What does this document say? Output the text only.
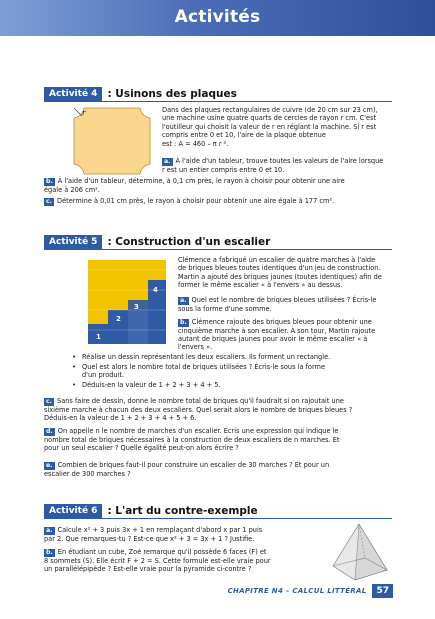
Activités
Activité 4 : Usinons des plaques
r	Dans des plaques rectangulaires de cuivre (de 20 cm sur 23 cm),
une machine usine quatre quarts de cercles de rayon r cm. C'est
l'outilleur qui choisit la valeur de r en réglant la machine. Si r est
compris entre 0 et 10, l'aire de la plaque obtenue
est : A = 460 – π r ².
a. À l'aide d'un tableur, trouve toutes les valeurs de l'aire lorsque
r est un entier compris entre 0 et 10.
b. À l'aide d'un tableur, détermine, à 0,1 cm près, le rayon à choisir pour obtenir une aire
égale à 206 cm².
c. Détermine à 0,01 cm près, le rayon à choisir pour obtenir une aire égale à 177 cm².
Activité 5 : Construction d'un escalier
1
2
3
4
Clémence a fabriqué un escalier de quatre marches à l'aide
de briques bleues toutes identiques d'un jeu de construction.
Martin a ajouté des briques jaunes (toutes identiques) afin de
former le même escalier « à l'envers » au dessus.
a. Quel est le nombre de briques bleues utilisées ? Écris-le
sous la forme d'une somme.
b. Clémence rajoute des briques bleues pour obtenir une
cinquième marche à son escalier. À son tour, Martin rajoute
autant de briques jaunes pour avoir le même escalier « à
l'envers ».
• Réalise un dessin représentant les deux escaliers. Ils forment un rectangle.
• Quel est alors le nombre total de briques utilisées ? Écris-le sous la forme
d'un produit.
• Déduis-en la valeur de 1 + 2 + 3 + 4 + 5.
c. Sans faire de dessin, donne le nombre total de briques qu'il faudrait si on rajoutait une
sixième marche à chacun des deux escaliers. Quel serait alors le nombre de briques bleues ?
Déduis-en la valeur de 1 + 2 + 3 + 4 + 5 + 6.
d. On appelle n le nombre de marches d'un escalier. Écris une expression qui indique le
nombre total de briques nécessaires à la construction de deux escaliers de n marches. Et
pour un seul escalier ? Quelle égalité peut-on alors écrire ?
e. Combien de briques faut-il pour construire un escalier de 30 marches ? Et pour un
escalier de 300 marches ?
Activité 6 : L'art du contre-exemple
a. Calcule x² + 3 puis 3x + 1 en remplaçant d'abord x par 1 puis
par 2. Que remarques-tu ? Est-ce que x² + 3 = 3x + 1 ? Justifie.
b. En étudiant un cube, Zoé remarque qu'il possède 6 faces (F) et
8 sommets (S). Elle écrit F + 2 = S. Cette formule est-elle vraie pour
un parallélépipède ? Est-elle vraie pour la pyramide ci-contre ?
CHAPITRE N4 – CALCUL LITTÉRAL	57
